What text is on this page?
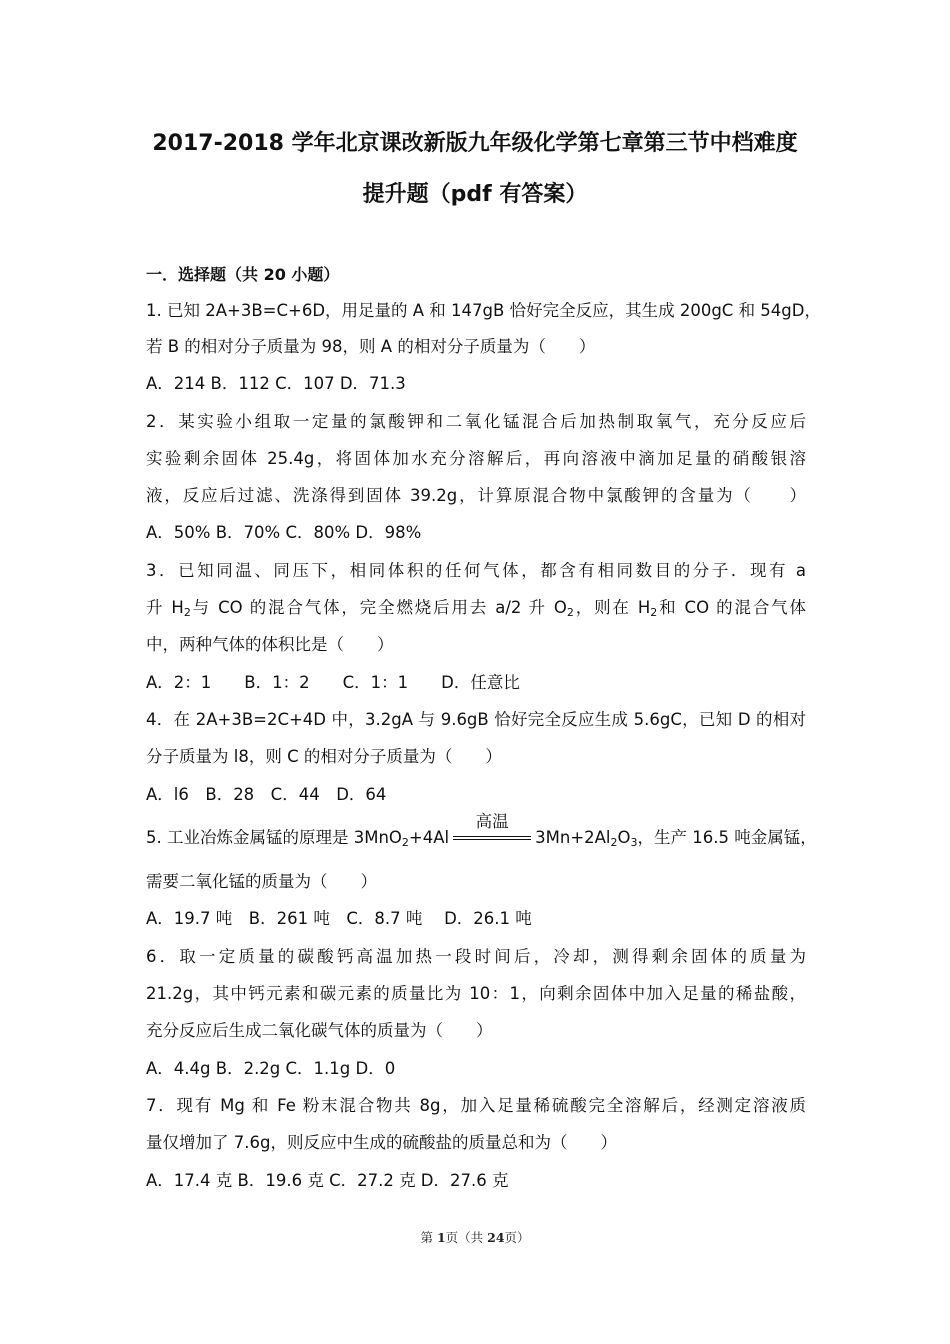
2017-2018 学年北京课改新版九年级化学第七章第三节中档难度
提升题（pdf 有答案）
一．选择题（共 20 小题）
1. 已知 2A+3B=C+6D，用足量的 A 和 147gB 恰好完全反应，其生成 200gC 和 54gD，
若 B 的相对分子质量为 98，则 A 的相对分子质量为（　　）
A．214 B．112 C．107 D．71.3
2．某实验小组取一定量的氯酸钾和二氧化锰混合后加热制取氧气，充分反应后
实验剩余固体 25.4g，将固体加水充分溶解后，再向溶液中滴加足量的硝酸银溶
液，反应后过滤、洗涤得到固体 39.2g，计算原混合物中氯酸钾的含量为（　　）
A．50% B．70% C．80% D．98%
3．已知同温、同压下，相同体积的任何气体，都含有相同数目的分子．现有 a
升 $H_2$与 CO 的混合气体，完全燃烧后用去 a/2 升 $O_2$，则在 $H_2$和 CO 的混合气体
中，两种气体的体积比是（　　）
A．2：1　　B．1：2　　C．1：1　　D．任意比
4．在 2A+3B=2C+4D 中，3.2gA 与 9.6gB 恰好完全反应生成 5.6gC，已知 D 的相对
分子质量为 l8，则 C 的相对分子质量为（　　）
A．l6　B．28　C．44　D．64
5. 工业冶炼金属锰的原理是 3MnO$_2$+4Al
高温
$3Mn+2Al_2O_3$，生产 16.5 吨金属锰，
需要二氧化锰的质量为（　　）
A．19.7 吨　B．261 吨　C．8.7 吨　 D．26.1 吨
6．取一定质量的碳酸钙高温加热一段时间后，冷却，测得剩余固体的质量为
21.2g，其中钙元素和碳元素的质量比为 10：1，向剩余固体中加入足量的稀盐酸，
充分反应后生成二氧化碳气体的质量为（　　）
A．4.4g B．2.2g C．1.1g D．0
7．现有 Mg 和 Fe 粉末混合物共 8g，加入足量稀硫酸完全溶解后，经测定溶液质
量仅增加了 7.6g，则反应中生成的硫酸盐的质量总和为（　　）
A．17.4 克 B．19.6 克 C．27.2 克 D．27.6 克
第 1页（共 24页）
